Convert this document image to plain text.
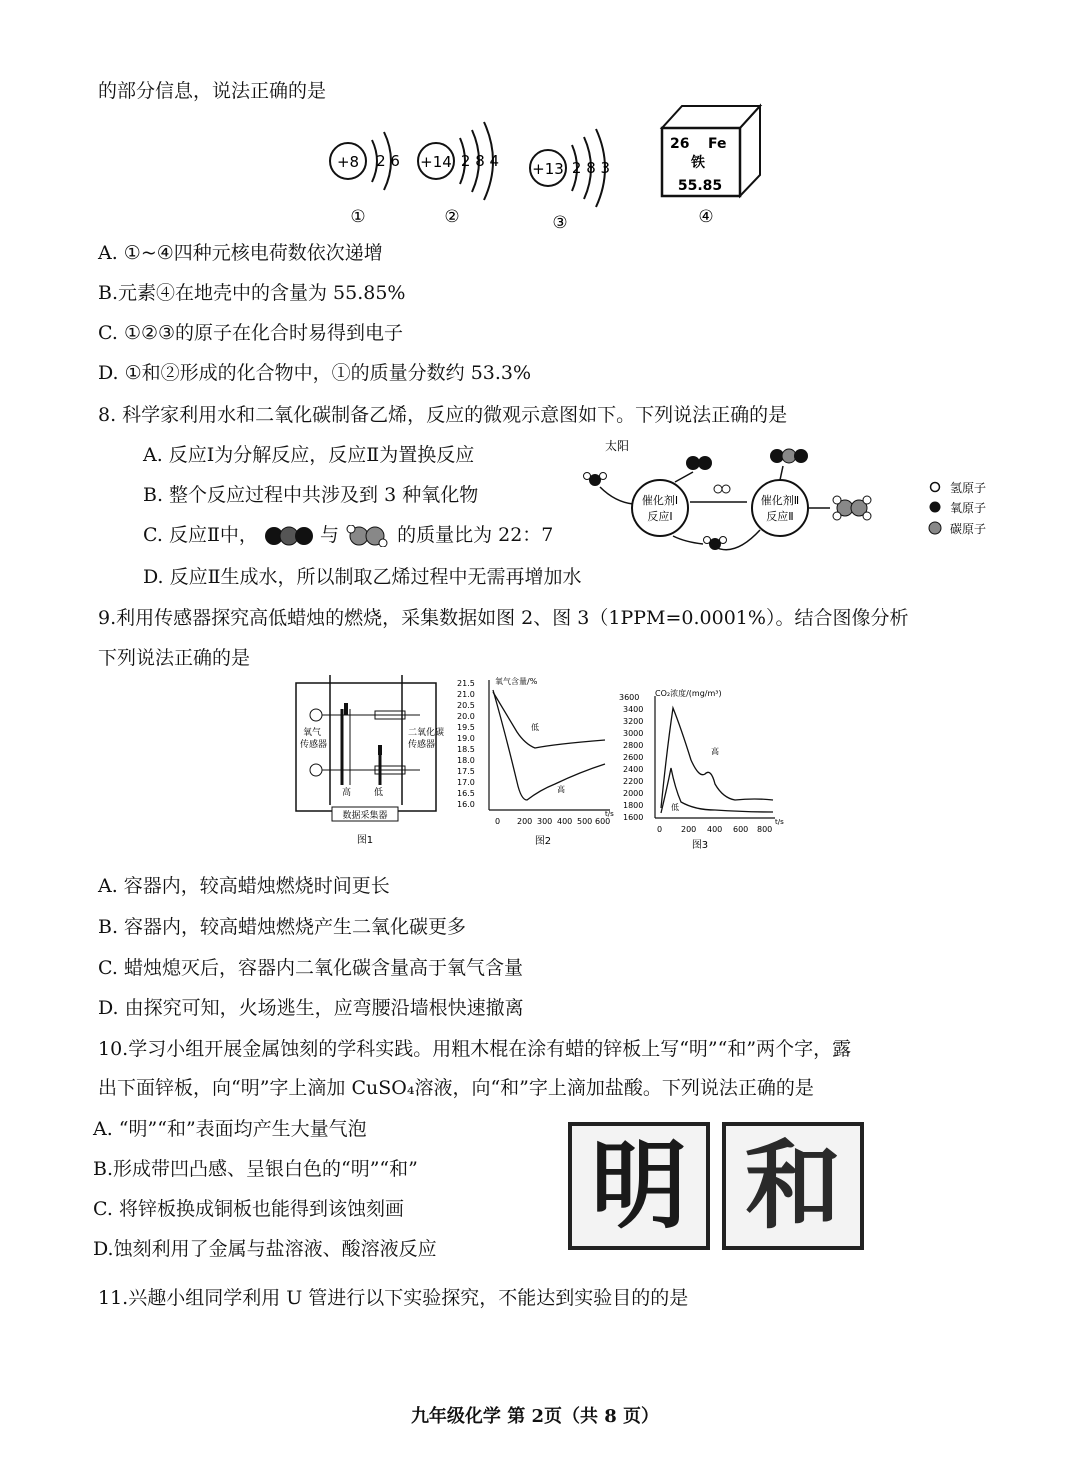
的部分信息，说法正确的是
+8 2 6
①
+14 2 8 4
②
+13 2 8 3
③
26 Fe
铁
55.85
④
A. ①~④四种元核电荷数依次递增
B.元素④在地壳中的含量为 55.85%
C. ①②③的原子在化合时易得到电子
D. ①和②形成的化合物中，①的质量分数约 53.3%
8. 科学家利用水和二氧化碳制备乙烯，反应的微观示意图如下。下列说法正确的是
A. 反应Ⅰ为分解反应，反应Ⅱ为置换反应
B. 整个反应过程中共涉及到 3 种氧化物
C. 反应Ⅱ中，	与	的质量比为 22：7
D. 反应Ⅱ生成水，所以制取乙烯过程中无需再增加水
太阳
催化剂Ⅰ
反应Ⅰ
催化剂Ⅱ
反应Ⅱ
氢原子
氧原子
碳原子
9.利用传感器探究高低蜡烛的燃烧，采集数据如图 2、图 3（1PPM=0.0001%）。结合图像分析
下列说法正确的是
氧气
传感器
二氧化碳
传感器
高	低
数据采集器
图1
氧气含量/%
21.5
21.0
20.5
20.0
19.5
19.0
18.5
18.0
17.5
17.0
16.5
16.0
0 200 300 400 500 600
t/s
低
高
图2
CO₂浓度/(mg/m³)
3600
3400
3200
3000
2800
2600
2400
2200
2000
1800
1600
0 200 400 600 800
t/s
高
低
图3
A. 容器内，较高蜡烛燃烧时间更长
B. 容器内，较高蜡烛燃烧产生二氧化碳更多
C. 蜡烛熄灭后，容器内二氧化碳含量高于氧气含量
D. 由探究可知，火场逃生，应弯腰沿墙根快速撤离
10.学习小组开展金属蚀刻的学科实践。用粗木棍在涂有蜡的锌板上写“明”“和”两个字，露
出下面锌板，向“明”字上滴加 CuSO₄溶液，向“和”字上滴加盐酸。下列说法正确的是
A. “明”“和”表面均产生大量气泡
B.形成带凹凸感、呈银白色的“明”“和”
C. 将锌板换成铜板也能得到该蚀刻画
D.蚀刻利用了金属与盐溶液、酸溶液反应
明 和
11.兴趣小组同学利用 U 管进行以下实验探究，不能达到实验目的的是
九年级化学 第 2页（共 8 页）
